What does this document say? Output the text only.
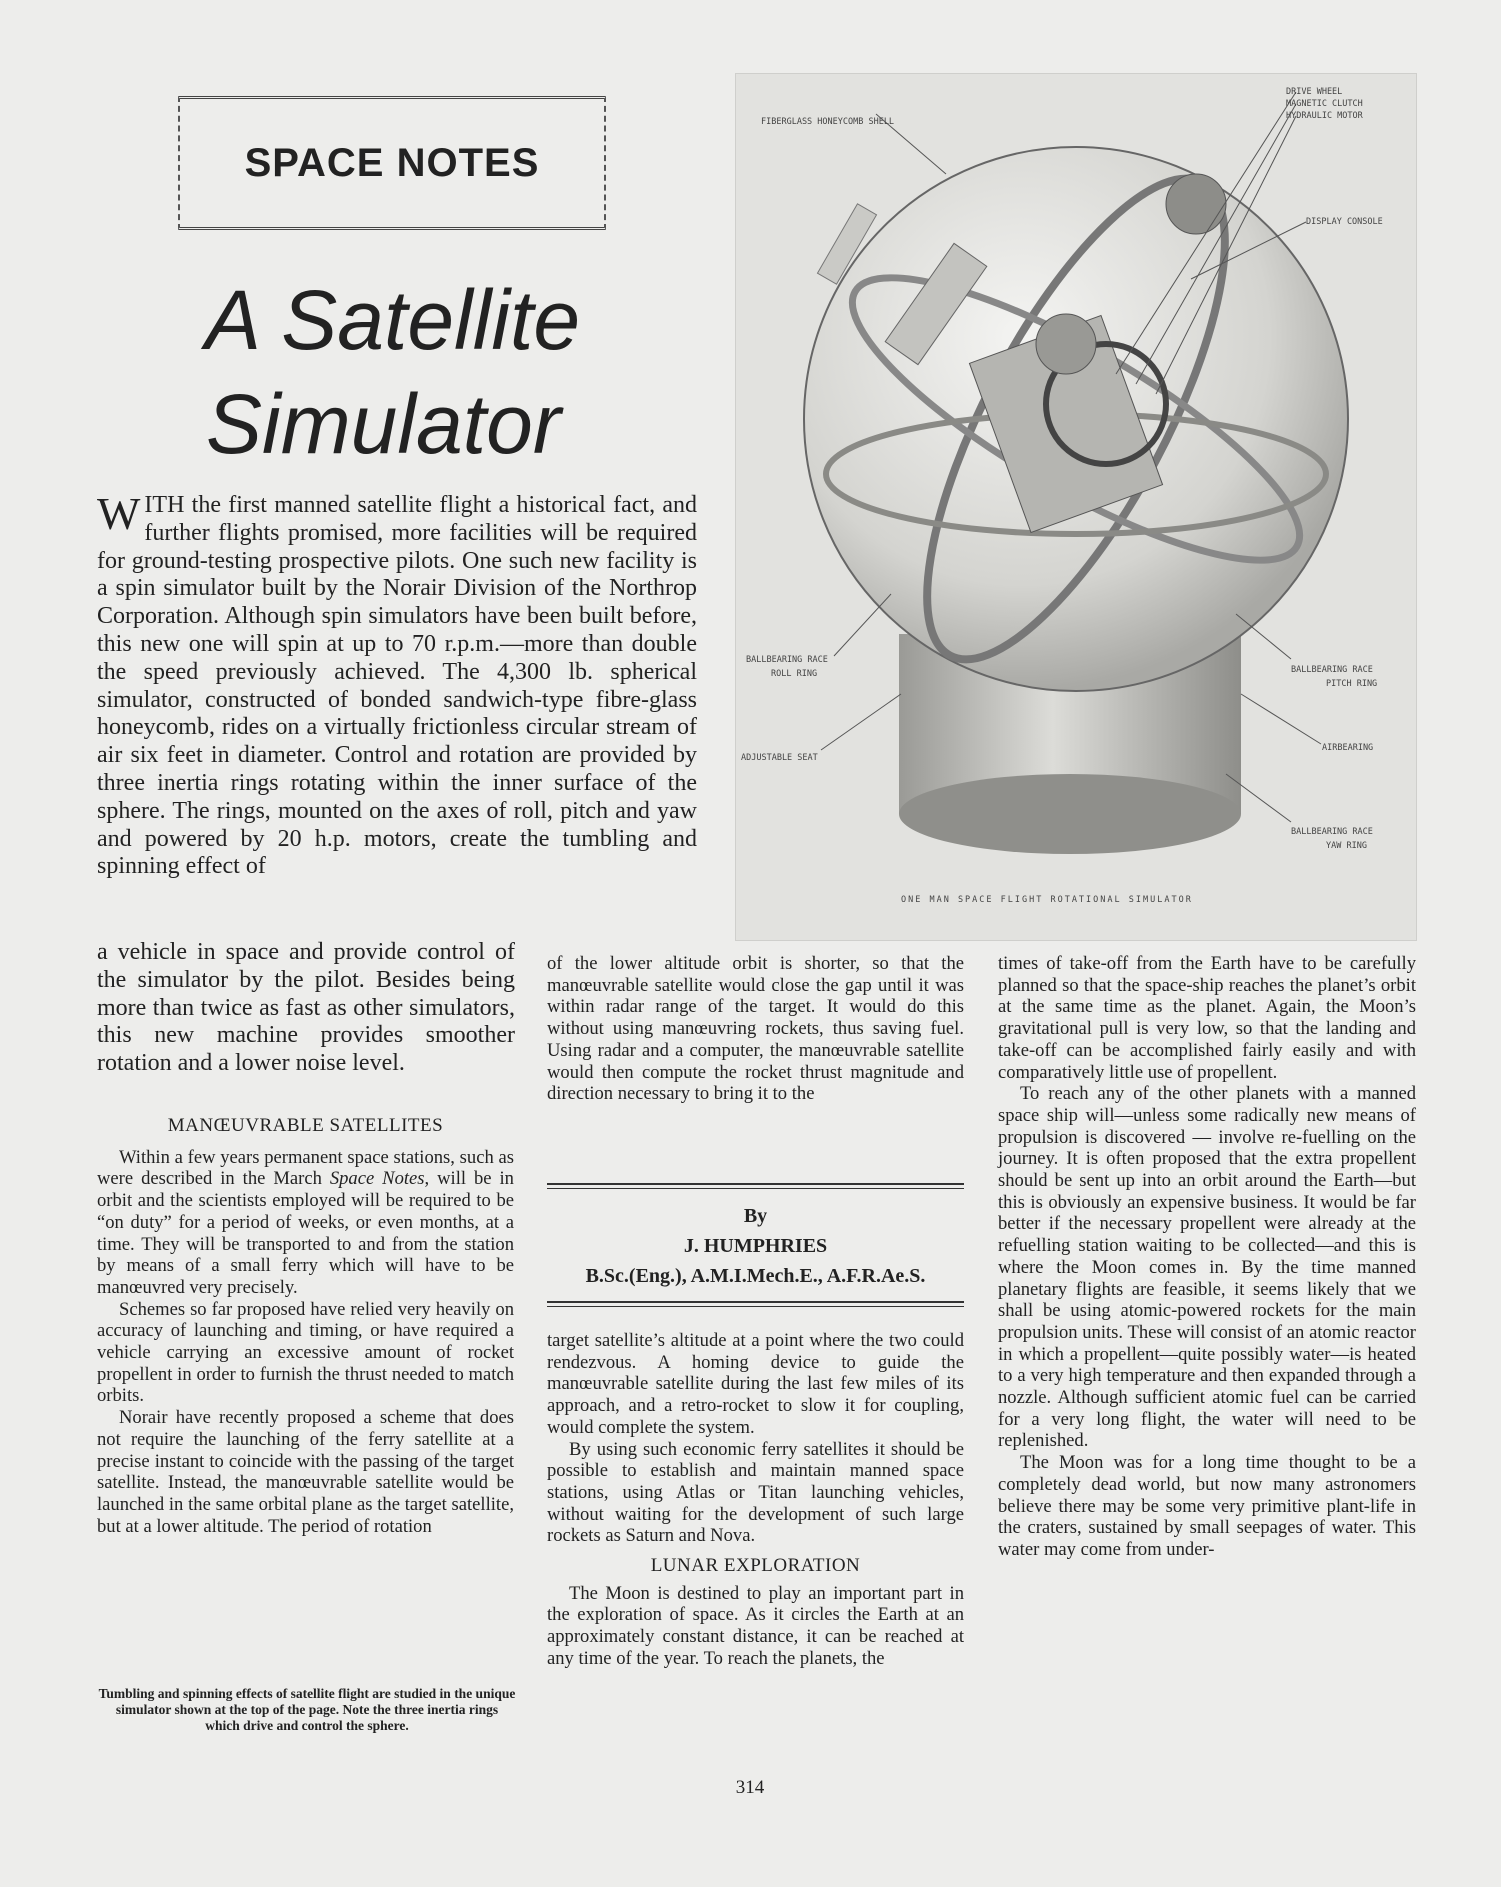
SPACE NOTES
A Satellite
Simulator
FIBERGLASS HONEYCOMB SHELL
DRIVE WHEEL
MAGNETIC CLUTCH
HYDRAULIC MOTOR
DISPLAY CONSOLE
BALLBEARING RACE
ROLL RING	BALLBEARING RACE
PITCH RING
ADJUSTABLE SEAT
AIRBEARING
BALLBEARING RACE
YAW RING
ONE MAN SPACE FLIGHT ROTATIONAL SIMULATOR
WITH the first manned satellite flight a historical fact, and further flights promised, more facilities will be required for ground-testing prospective pilots. One such new facility is a spin simulator built by the Norair Division of the Northrop Corporation. Although spin simulators have been built before, this new one will spin at up to 70 r.p.m.—more than double the speed previously achieved. The 4,300 lb. spherical simulator, constructed of bonded sandwich-type fibre-glass honeycomb, rides on a virtually frictionless circular stream of air six feet in diameter. Control and rotation are provided by three inertia rings rotating within the inner surface of the sphere. The rings, mounted on the axes of roll, pitch and yaw and powered by 20 h.p. motors, create the tumbling and spinning effect of
a vehicle in space and provide control of the simulator by the pilot. Besides being more than twice as fast as other simulators, this new machine provides smoother rotation and a lower noise level.
MANŒUVRABLE SATELLITES

Within a few years permanent space stations, such as were described in the March Space Notes, will be in orbit and the scientists employed will be required to be “on duty” for a period of weeks, or even months, at a time. They will be transported to and from the station by means of a small ferry which will have to be manœuvred very precisely.

Schemes so far proposed have relied very heavily on accuracy of launching and timing, or have required a vehicle carrying an excessive amount of rocket propellent in order to furnish the thrust needed to match orbits.

Norair have recently proposed a scheme that does not require the launching of the ferry satellite at a precise instant to coincide with the passing of the target satellite. Instead, the manœuvrable satellite would be launched in the same orbital plane as the target satellite, but at a lower altitude. The period of rotation

Tumbling and spinning effects of satellite flight are studied in the unique simulator shown at the top of the page. Note the three inertia rings which drive and control the sphere.

of the lower altitude orbit is shorter, so that the manœuvrable satellite would close the gap until it was within radar range of the target. It would do this without using manœuvring rockets, thus saving fuel. Using radar and a computer, the manœuvrable satellite would then compute the rocket thrust magnitude and direction necessary to bring it to the

By
J. HUMPHRIES
B.Sc.(Eng.), A.M.I.Mech.E., A.F.R.Ae.S.

target satellite’s altitude at a point where the two could rendezvous. A homing device to guide the manœuvrable satellite during the last few miles of its approach, and a retro-rocket to slow it for coupling, would complete the system.

By using such economic ferry satellites it should be possible to establish and maintain manned space stations, using Atlas or Titan launching vehicles, without waiting for the development of such large rockets as Saturn and Nova.

LUNAR EXPLORATION

The Moon is destined to play an important part in the exploration of space. As it circles the Earth at an approximately constant distance, it can be reached at any time of the year. To reach the planets, the

times of take-off from the Earth have to be carefully planned so that the space-ship reaches the planet’s orbit at the same time as the planet. Again, the Moon’s gravitational pull is very low, so that the landing and take-off can be accomplished fairly easily and with comparatively little use of propellent.

To reach any of the other planets with a manned space ship will—unless some radically new means of propulsion is discovered — involve re-fuelling on the journey. It is often proposed that the extra propellent should be sent up into an orbit around the Earth—but this is obviously an expensive business. It would be far better if the necessary propellent were already at the refuelling station waiting to be collected—and this is where the Moon comes in. By the time manned planetary flights are feasible, it seems likely that we shall be using atomic-powered rockets for the main propulsion units. These will consist of an atomic reactor in which a propellent—quite possibly water—is heated to a very high temperature and then expanded through a nozzle. Although sufficient atomic fuel can be carried for a very long flight, the water will need to be replenished.

The Moon was for a long time thought to be a completely dead world, but now many astronomers believe there may be some very primitive plant-life in the craters, sustained by small seepages of water. This water may come from under-

314
